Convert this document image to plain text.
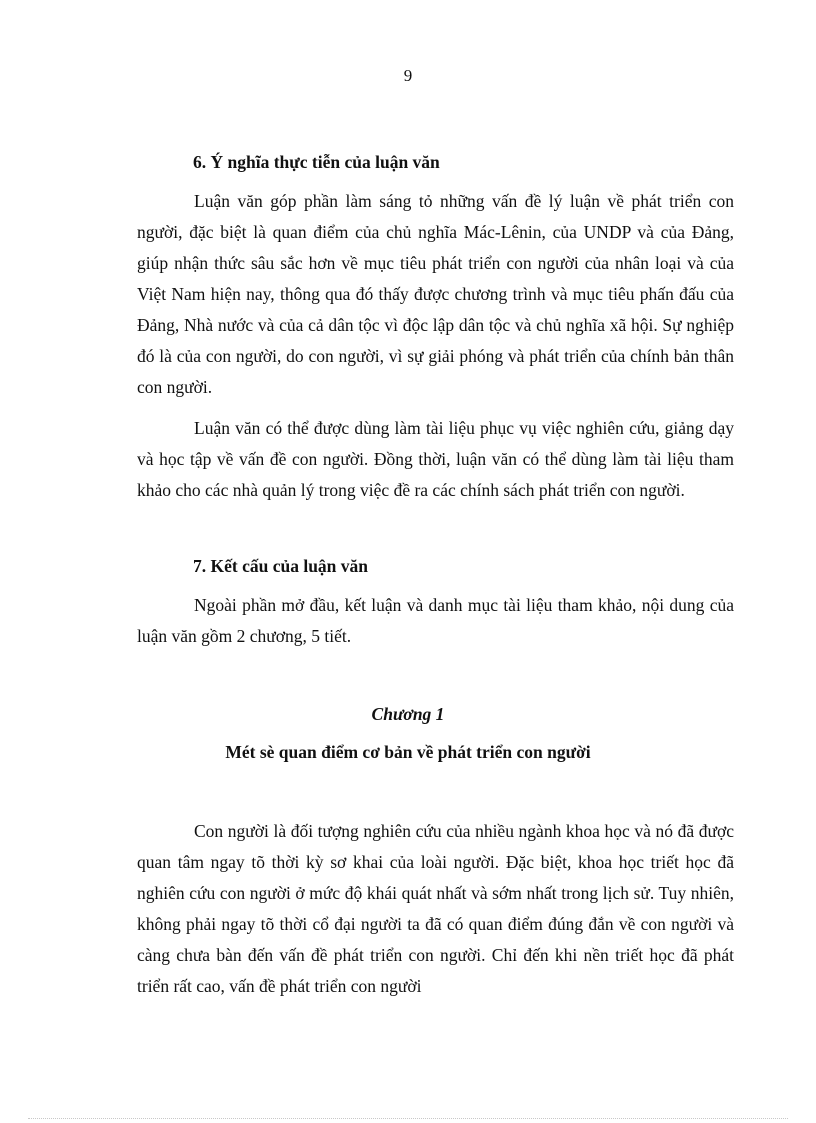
9
6. Ý nghĩa thực tiễn của luận văn

Luận văn góp phần làm sáng tỏ những vấn đề lý luận về phát triển con người, đặc biệt là quan điểm của chủ nghĩa Mác-Lênin, của UNDP và của Đảng, giúp nhận thức sâu sắc hơn về mục tiêu phát triển con người của nhân loại và của Việt Nam hiện nay, thông qua đó thấy được chương trình và mục tiêu phấn đấu của Đảng, Nhà nước và của cả dân tộc vì độc lập dân tộc và chủ nghĩa xã hội. Sự nghiệp đó là của con người, do con người, vì sự giải phóng và phát triển của chính bản thân con người.

Luận văn có thể được dùng làm tài liệu phục vụ việc nghiên cứu, giảng dạy và học tập về vấn đề con người. Đồng thời, luận văn có thể dùng làm tài liệu tham khảo cho các nhà quản lý trong việc đề ra các chính sách phát triển con người.

7. Kết cấu của luận văn

Ngoài phần mở đầu, kết luận và danh mục tài liệu tham khảo, nội dung của luận văn gồm 2 chương, 5 tiết.

Chương 1
Mét sè quan điểm cơ bản về phát triển con người

Con người là đối tượng nghiên cứu của nhiều ngành khoa học và nó đã được quan tâm ngay tõ thời kỳ sơ khai của loài người. Đặc biệt, khoa học triết học đã nghiên cứu con người ở mức độ khái quát nhất và sớm nhất trong lịch sử. Tuy nhiên, không phải ngay tõ thời cổ đại người ta đã có quan điểm đúng đắn về con người và càng chưa bàn đến vấn đề phát triển con người. Chỉ đến khi nền triết học đã phát triển rất cao, vấn đề phát triển con người
